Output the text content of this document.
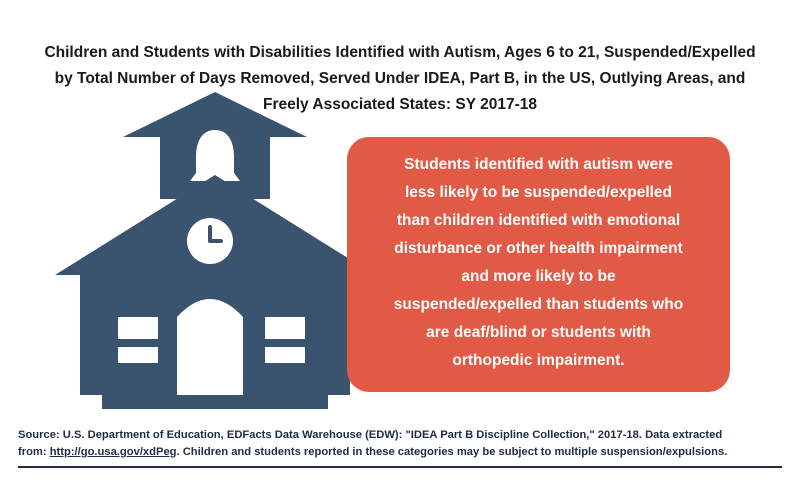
Children and Students with Disabilities Identified with Autism, Ages 6 to 21, Suspended/Expelled
by Total Number of Days Removed, Served Under IDEA, Part B, in the US, Outlying Areas, and
Freely Associated States: SY 2017-18
Students identified with autism were
less likely to be suspended/expelled
than children identified with emotional
disturbance or other health impairment
and more likely to be
suspended/expelled than students who
are deaf/blind or students with
orthopedic impairment.
Source: U.S. Department of Education, EDFacts Data Warehouse (EDW): "IDEA Part B Discipline Collection," 2017-18. Data extracted
from: http://go.usa.gov/xdPeg. Children and students reported in these categories may be subject to multiple suspension/expulsions.
